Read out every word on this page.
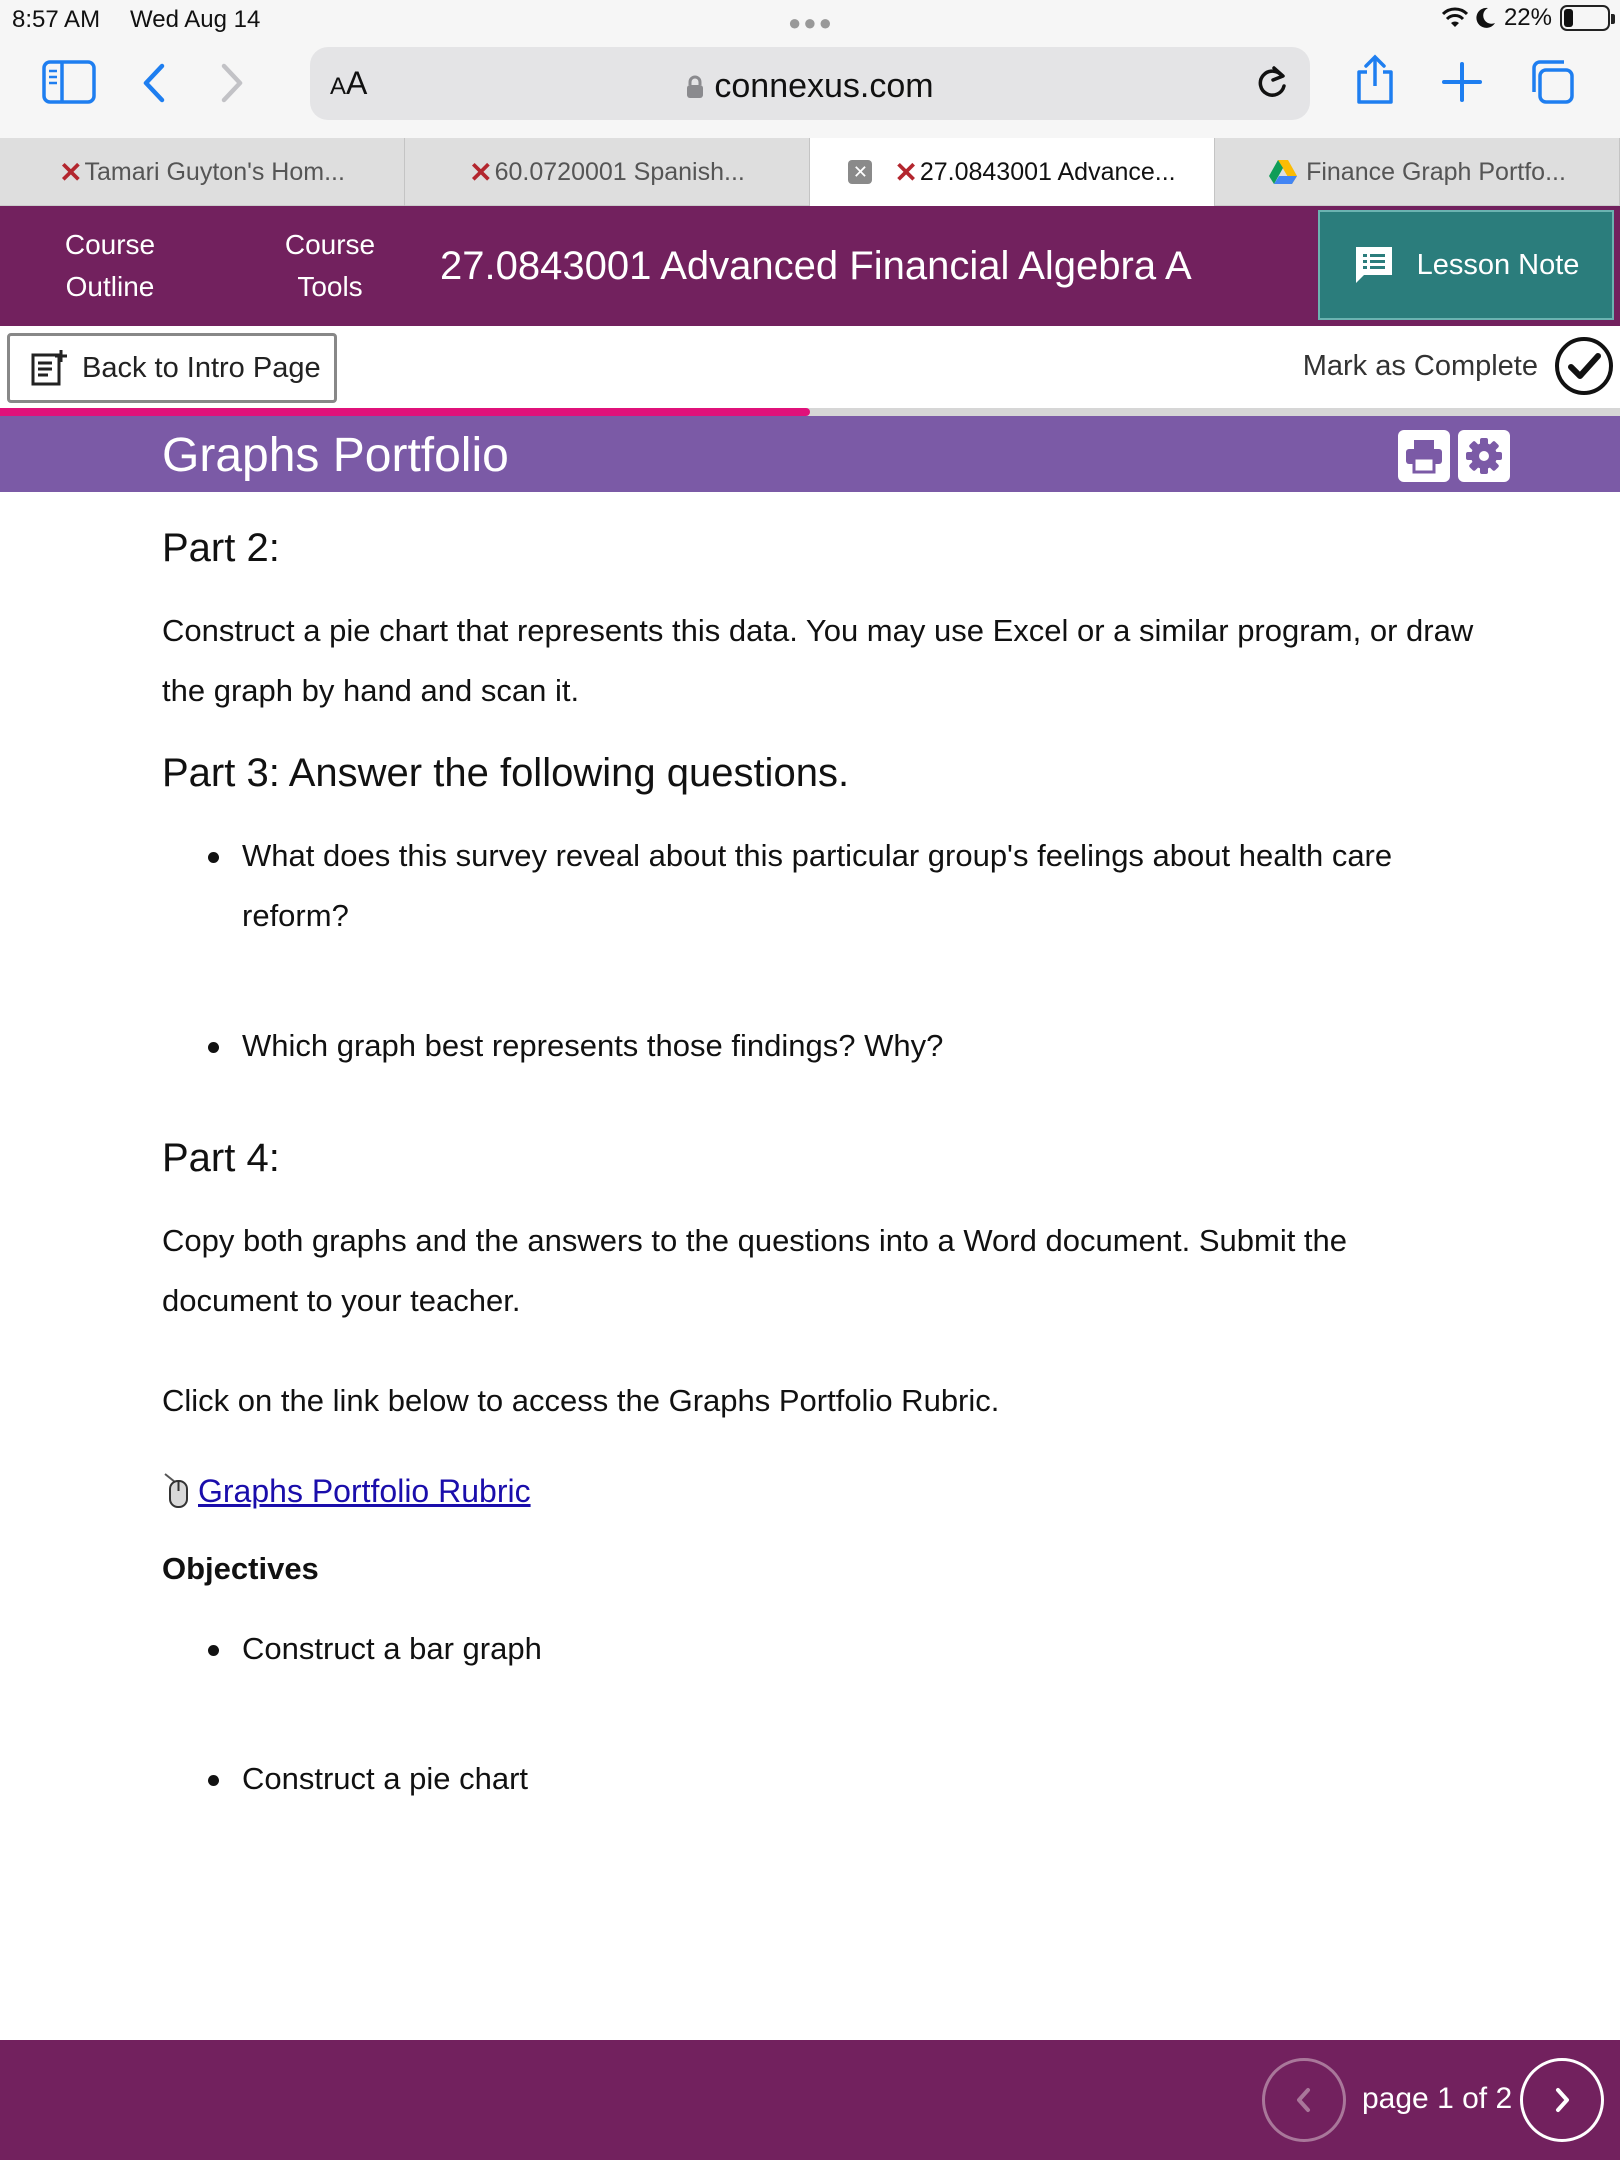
8:57 AM Wed Aug 14	●●●	22%
AA	connexus.com
✕ Tamari Guyton's Hom...	✕ 60.0720001 Spanish...	✕ ✕ 27.0843001 Advance...	Finance Graph Portfo...
Course
Outline
Course
Tools	27.0843001 Advanced Financial Algebra A	Lesson Note
Back to Intro Page	Mark as Complete
Graphs Portfolio
Part 2:

Construct a pie chart that represents this data. You may use Excel or a similar program, or draw the graph by hand and scan it.

Part 3: Answer the following questions.
What does this survey reveal about this particular group's feelings about health care reform?
Which graph best represents those findings? Why?
Part 4:

Copy both graphs and the answers to the questions into a Word document. Submit the document to your teacher.

Click on the link below to access the Graphs Portfolio Rubric.

Graphs Portfolio Rubric
Objectives
Construct a bar graph
Construct a pie chart
page 1 of 2
